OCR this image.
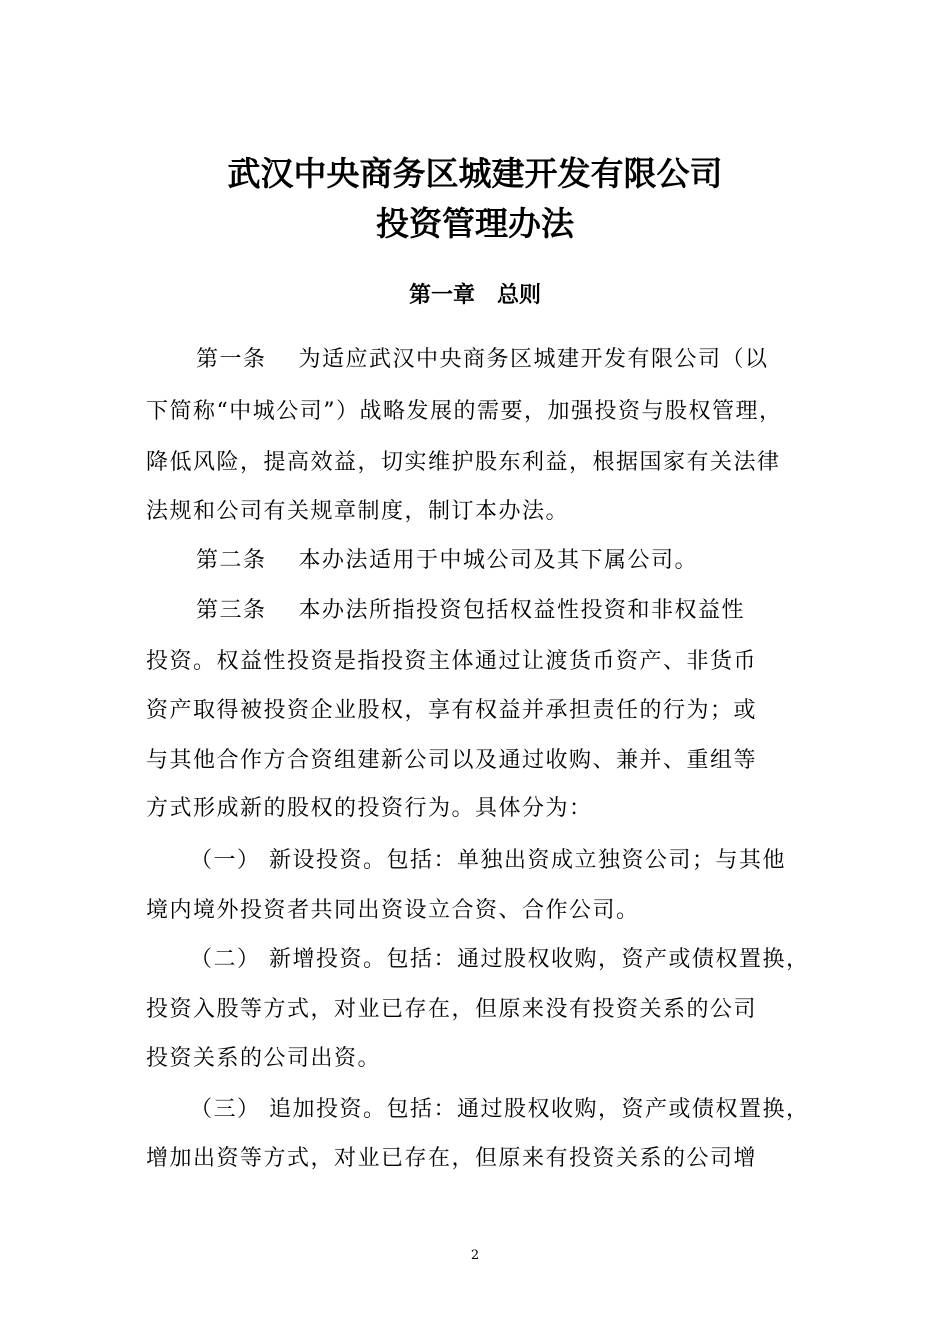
武汉中央商务区城建开发有限公司
投资管理办法
第一章　总则
第一条　 为适应武汉中央商务区城建开发有限公司（以
下简称“中城公司”）战略发展的需要，加强投资与股权管理，
降低风险，提高效益，切实维护股东利益，根据国家有关法律
法规和公司有关规章制度，制订本办法。
第二条　 本办法适用于中城公司及其下属公司。
第三条　 本办法所指投资包括权益性投资和非权益性
投资。权益性投资是指投资主体通过让渡货币资产、非货币
资产取得被投资企业股权，享有权益并承担责任的行为；或
与其他合作方合资组建新公司以及通过收购、兼并、重组等
方式形成新的股权的投资行为。具体分为：
（一） 新设投资。包括：单独出资成立独资公司；与其他
境内境外投资者共同出资设立合资、合作公司。
（二） 新增投资。包括：通过股权收购，资产或债权置换，
投资入股等方式，对业已存在，但原来没有投资关系的公司
投资关系的公司出资。
（三） 追加投资。包括：通过股权收购，资产或债权置换，
增加出资等方式，对业已存在，但原来有投资关系的公司增
2
